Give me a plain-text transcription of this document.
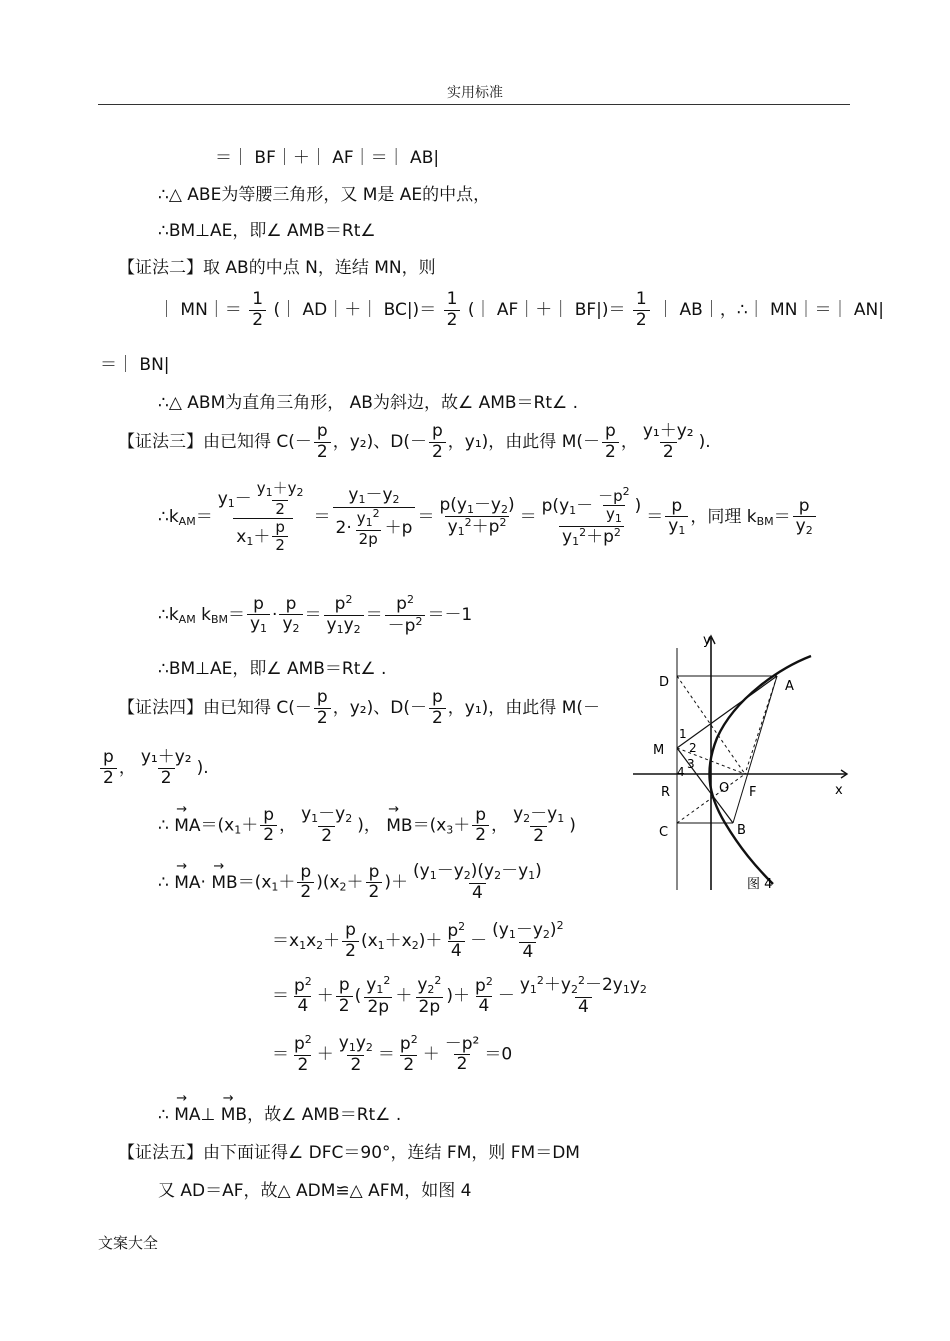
实用标准
＝｜ BF｜＋｜ AF｜＝｜ AB|
∴△ ABE为等腰三角形，又 M是 AE的中点，
∴BM⊥AE，即∠ AMB＝Rt∠
【证法二】取 AB的中点 N，连结 MN，则
｜ MN｜＝ $\frac{1}{2}$ (｜ AD｜＋｜ $BC|)= \frac{1}{2}$ (｜ AF｜＋｜ $BF|)= \frac{1}{2}$ ｜ AB｜，∴｜ MN｜＝｜ AN|
＝｜ BN|
∴△ ABM为直角三角形， AB为斜边，故∠ AMB＝Rt∠ .
【证法三】由已知得 $C(- \frac{p}{2}$ ，y₂)、$D(- \frac{p}{2}$ ，y₁)，由此得 $M(- \frac{p}{2}$ ， $\frac{\text{y₁＋y₂}}{2}$ ).
$\therefore k_{AM}= \frac{y_1- \frac{y_1+y_2}{2}}{x_1+ \frac{p}{2}} = \frac{y_1-y_2}{2\cdot \frac{y_1^2}{2p} +p} = \frac{p(y_1-y_2)}{y_1^2+p^2} = \frac{p(y_1- \frac{-p^2}{y_1} )}{y_1^2+p^2} = \frac{p}{y_1}$ ，同理 $k_{BM}= \frac{p}{y_2}$
$\therefore k_{AM}$ $k_{BM}= \frac{p}{y_1} \cdot \frac{p}{y_2} = \frac{p^2}{y_1y_2} = \frac{p^2}{-p^2} =-1$
∴BM⊥AE，即∠ AMB＝Rt∠ .
【证法四】由已知得 $C(- \frac{p}{2}$ ，y₂)、$D(- \frac{p}{2}$ ，y₁)，由此得 M(－
$\frac{p}{2}$ ， $\frac{\text{y₁＋y₂}}{2}$ ).
∴ → $MA=(x_1+ \frac{p}{2}$ ， $\frac{y_1-y_2}{2}$ )， → $MB=(x_3+ \frac{p}{2}$ ， $\frac{y_2-y_1}{2}$ )
∴ → $MA\cdot \to MB=(x_1+ \frac{p}{2} )(x_2+ \frac{p}{2}$ )＋ $\frac{(y_1-y_2)(y_2-y_1)}{4}$
$=x_1x_2+ \frac{p}{2} (x_1+x_2)+ \frac{p^2}{4} - \frac{(y_1-y_2)^2}{4}$
＝ $\frac{p^2}{4} + \frac{p}{2}$ ( $\frac{y_1^2}{2p} + \frac{y_2^2}{2p}$ )＋ $\frac{p^2}{4} - \frac{y_1^2+y_2^2-2y_1y_2}{4}$
＝ $\frac{p^2}{2} + \frac{y_1y_2}{2} = \frac{p^2}{2} + \frac{\text{－p²}}{2} =0$
∴ → MA⊥ → MB，故∠ AMB＝Rt∠ .
【证法五】由下面证得∠ DFC＝90°，连结 FM，则 FM＝DM
又 AD＝AF，故△ ADM≌△ AFM，如图 4
y
x
D	A
M
1
2
3
4
R	O F
C	B
图 4
文案大全
